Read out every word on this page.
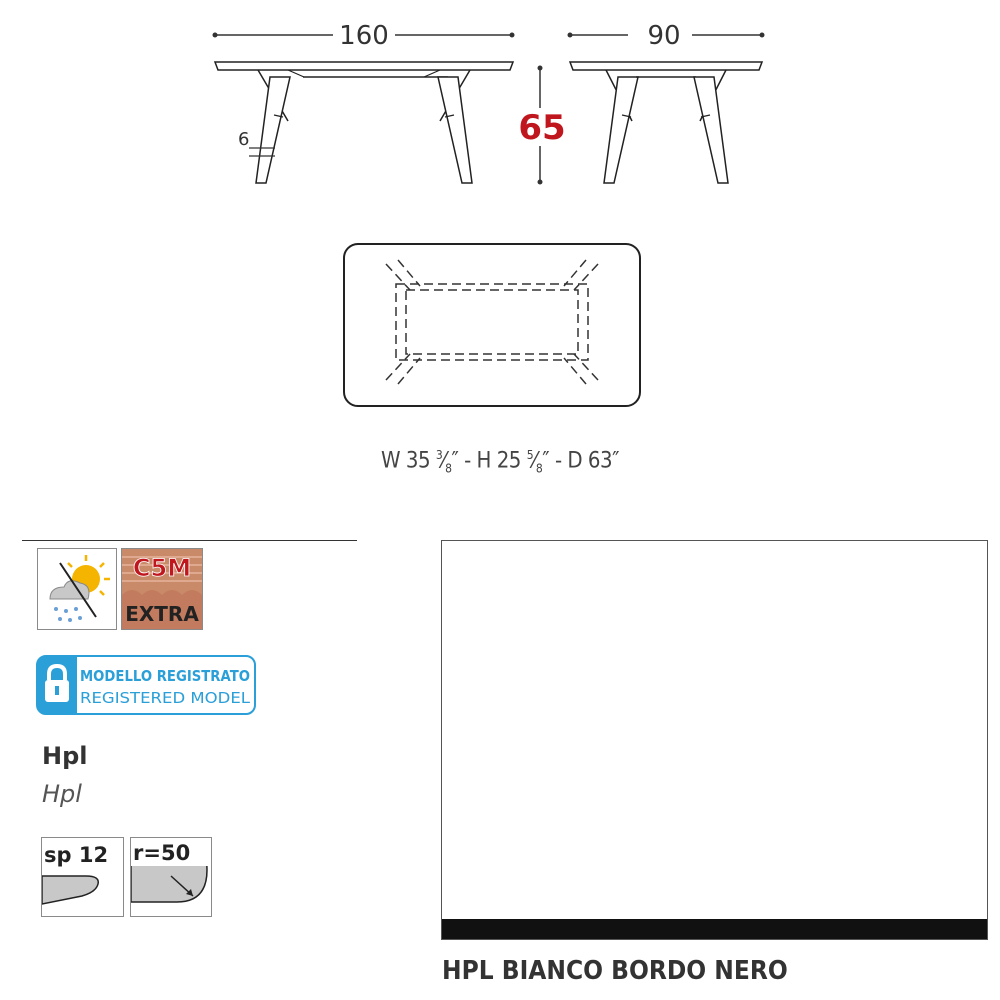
160
6	65
90
W 35 $^3⁄_8''$ - H 25 $^5⁄_8''$ - D 63″
C5M
EXTRA
MODELLO REGISTRATO
REGISTERED MODEL
Hpl
Hpl
sp 12 r=50
HPL BIANCO BORDO NERO
